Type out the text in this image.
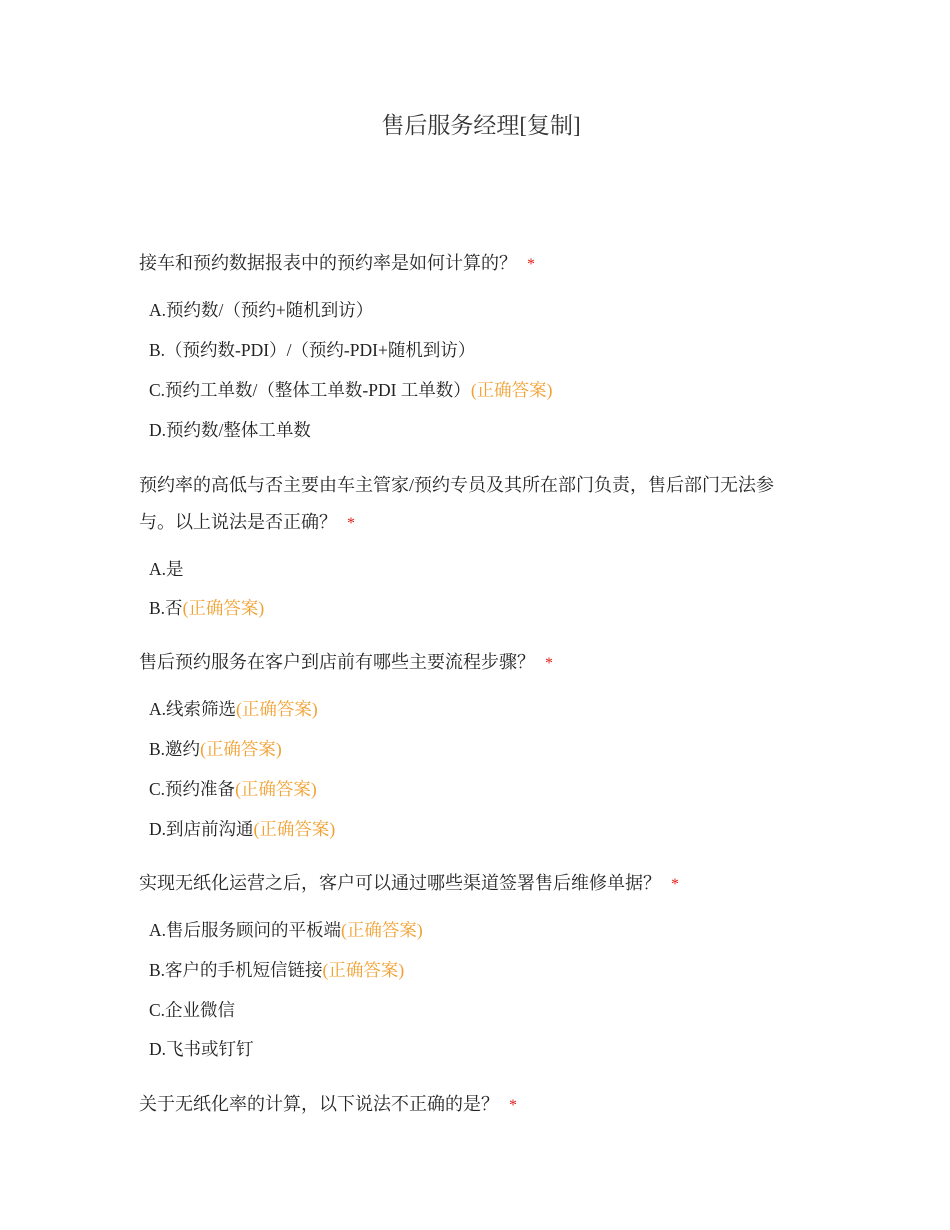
售后服务经理[复制]
接车和预约数据报表中的预约率是如何计算的？ *
A.预约数/（预约+随机到访）
B.（预约数-PDI）/（预约-PDI+随机到访）
C.预约工单数/（整体工单数-PDI 工单数）(正确答案)
D.预约数/整体工单数
预约率的高低与否主要由车主管家/预约专员及其所在部门负责，售后部门无法参与。以上说法是否正确？ *
A.是
B.否(正确答案)
售后预约服务在客户到店前有哪些主要流程步骤？ *
A.线索筛选(正确答案)
B.邀约(正确答案)
C.预约准备(正确答案)
D.到店前沟通(正确答案)
实现无纸化运营之后，客户可以通过哪些渠道签署售后维修单据？ *
A.售后服务顾问的平板端(正确答案)
B.客户的手机短信链接(正确答案)
C.企业微信
D.飞书或钉钉
关于无纸化率的计算，以下说法不正确的是？ *
